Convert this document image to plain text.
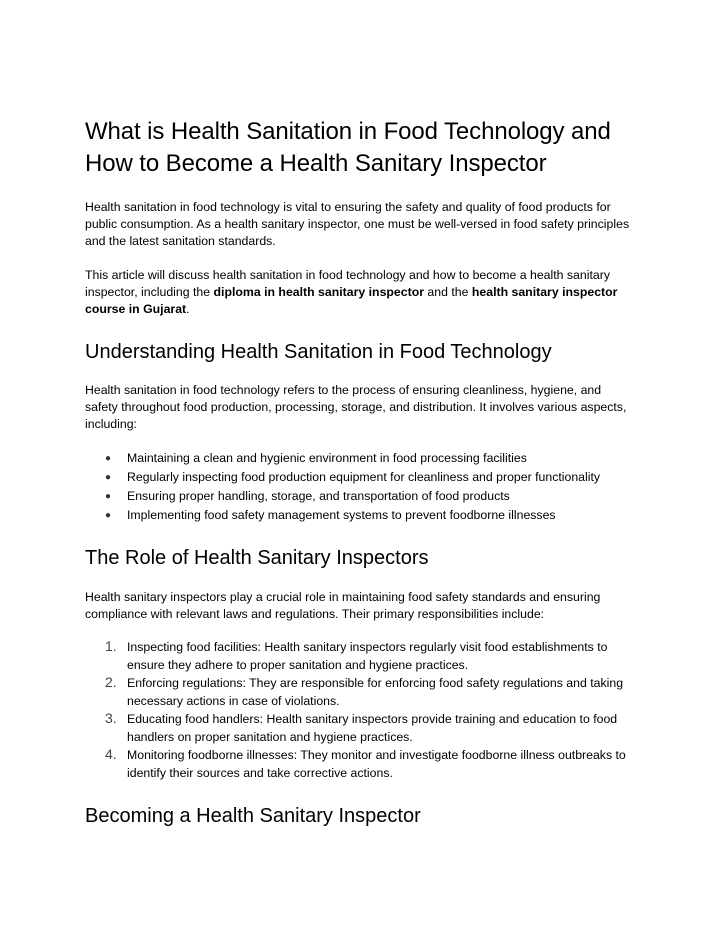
What is Health Sanitation in Food Technology and How to Become a Health Sanitary Inspector

Health sanitation in food technology is vital to ensuring the safety and quality of food products for public consumption. As a health sanitary inspector, one must be well-versed in food safety principles and the latest sanitation standards.

This article will discuss health sanitation in food technology and how to become a health sanitary inspector, including the diploma in health sanitary inspector and the health sanitary inspector course in Gujarat.

Understanding Health Sanitation in Food Technology

Health sanitation in food technology refers to the process of ensuring cleanliness, hygiene, and safety throughout food production, processing, storage, and distribution. It involves various aspects, including:

● Maintaining a clean and hygienic environment in food processing facilities
● Regularly inspecting food production equipment for cleanliness and proper functionality
● Ensuring proper handling, storage, and transportation of food products
● Implementing food safety management systems to prevent foodborne illnesses
The Role of Health Sanitary Inspectors

Health sanitary inspectors play a crucial role in maintaining food safety standards and ensuring compliance with relevant laws and regulations. Their primary responsibilities include:

1. Inspecting food facilities: Health sanitary inspectors regularly visit food establishments to ensure they adhere to proper sanitation and hygiene practices.
2. Enforcing regulations: They are responsible for enforcing food safety regulations and taking necessary actions in case of violations.
3. Educating food handlers: Health sanitary inspectors provide training and education to food handlers on proper sanitation and hygiene practices.
4. Monitoring foodborne illnesses: They monitor and investigate foodborne illness outbreaks to identify their sources and take corrective actions.
Becoming a Health Sanitary Inspector
